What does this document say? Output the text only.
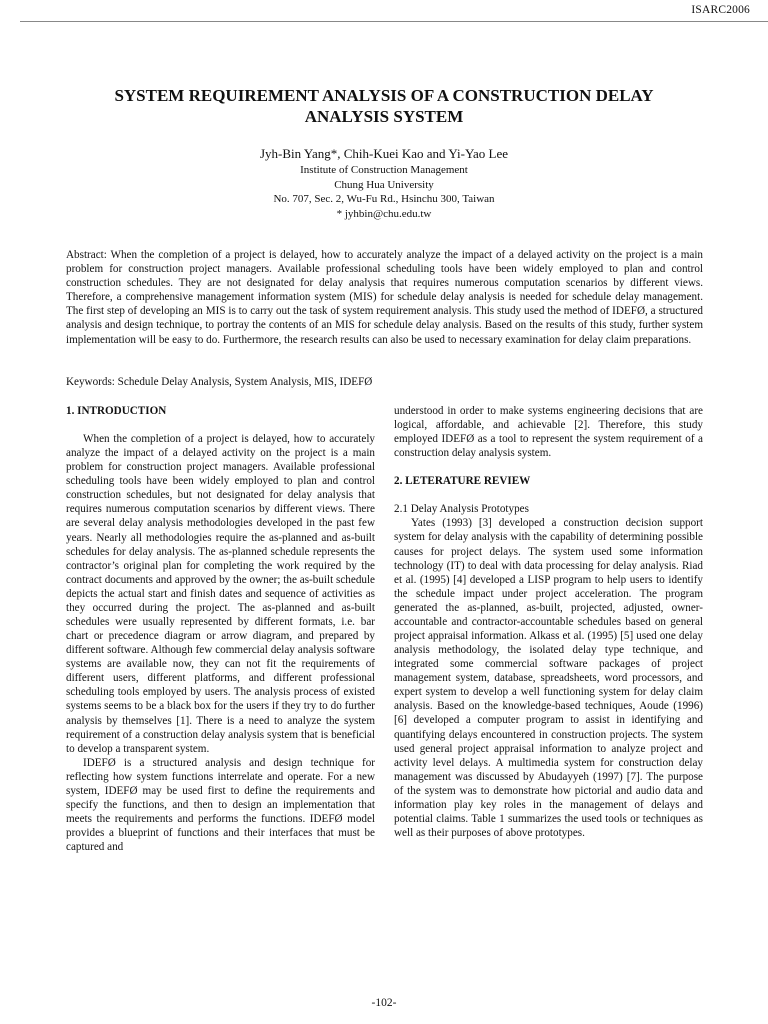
ISARC2006
SYSTEM REQUIREMENT ANALYSIS OF A CONSTRUCTION DELAY ANALYSIS SYSTEM
Jyh-Bin Yang*, Chih-Kuei Kao and Yi-Yao Lee
Institute of Construction Management
Chung Hua University
No. 707, Sec. 2, Wu-Fu Rd., Hsinchu 300, Taiwan
* jyhbin@chu.edu.tw

Abstract: When the completion of a project is delayed, how to accurately analyze the impact of a delayed activity on the project is a main problem for construction project managers. Available professional scheduling tools have been widely employed to plan and control construction schedules. They are not designated for delay analysis that requires numerous computation scenarios by different views. Therefore, a comprehensive management information system (MIS) for schedule delay analysis is needed for schedule delay management. The first step of developing an MIS is to carry out the task of system requirement analysis. This study used the method of IDEFØ, a structured analysis and design technique, to portray the contents of an MIS for schedule delay analysis. Based on the results of this study, further system implementation will be easy to do. Furthermore, the research results can also be used to necessary examination for delay claim preparations.

Keywords: Schedule Delay Analysis, System Analysis, MIS, IDEFØ

1. INTRODUCTION

When the completion of a project is delayed, how to accurately analyze the impact of a delayed activity on the project is a main problem for construction project managers. Available professional scheduling tools have been widely employed to plan and control construction schedules, but not designated for delay analysis that requires numerous computation scenarios by different views. There are several delay analysis methodologies developed in the past few years. Nearly all methodologies require the as-planned and as-built schedules for delay analysis. The as-planned schedule represents the contractor’s original plan for completing the work required by the contract documents and approved by the owner; the as-built schedule depicts the actual start and finish dates and sequence of activities as they occurred during the project. The as-planned and as-built schedules were usually represented by different formats, i.e. bar chart or precedence diagram or arrow diagram, and prepared by different software. Although few commercial delay analysis software systems are available now, they can not fit the requirements of different users, different platforms, and different professional scheduling tools employed by users. The analysis process of existed systems seems to be a black box for the users if they try to do further analysis by themselves [1]. There is a need to analyze the system requirement of a construction delay analysis system that is beneficial to develop a transparent system.

IDEFØ is a structured analysis and design technique for reflecting how system functions interrelate and operate. For a new system, IDEFØ may be used first to define the requirements and specify the functions, and then to design an implementation that meets the requirements and performs the functions. IDEFØ model provides a blueprint of functions and their interfaces that must be captured and

understood in order to make systems engineering decisions that are logical, affordable, and achievable [2]. Therefore, this study employed IDEFØ as a tool to represent the system requirement of a construction delay analysis system.

2. LETERATURE REVIEW

2.1 Delay Analysis Prototypes

Yates (1993) [3] developed a construction decision support system for delay analysis with the capability of determining possible causes for project delays. The system used some information technology (IT) to deal with data processing for delay analysis. Riad et al. (1995) [4] developed a LISP program to help users to identify the schedule impact under project acceleration. The program generated the as-planned, as-built, projected, adjusted, owner-accountable and contractor-accountable schedules based on general project appraisal information. Alkass et al. (1995) [5] used one delay analysis methodology, the isolated delay type technique, and integrated some commercial software packages of project management system, database, spreadsheets, word processors, and expert system to develop a well functioning system for delay claim analysis. Based on the knowledge-based techniques, Aoude (1996) [6] developed a computer program to assist in identifying and quantifying delays encountered in construction projects. The system used general project appraisal information to analyze project and activity level delays. A multimedia system for construction delay management was discussed by Abudayyeh (1997) [7]. The purpose of the system was to demonstrate how pictorial and audio data and information play key roles in the management of delays and potential claims. Table 1 summarizes the used tools or techniques as well as their purposes of above prototypes.

-102-
